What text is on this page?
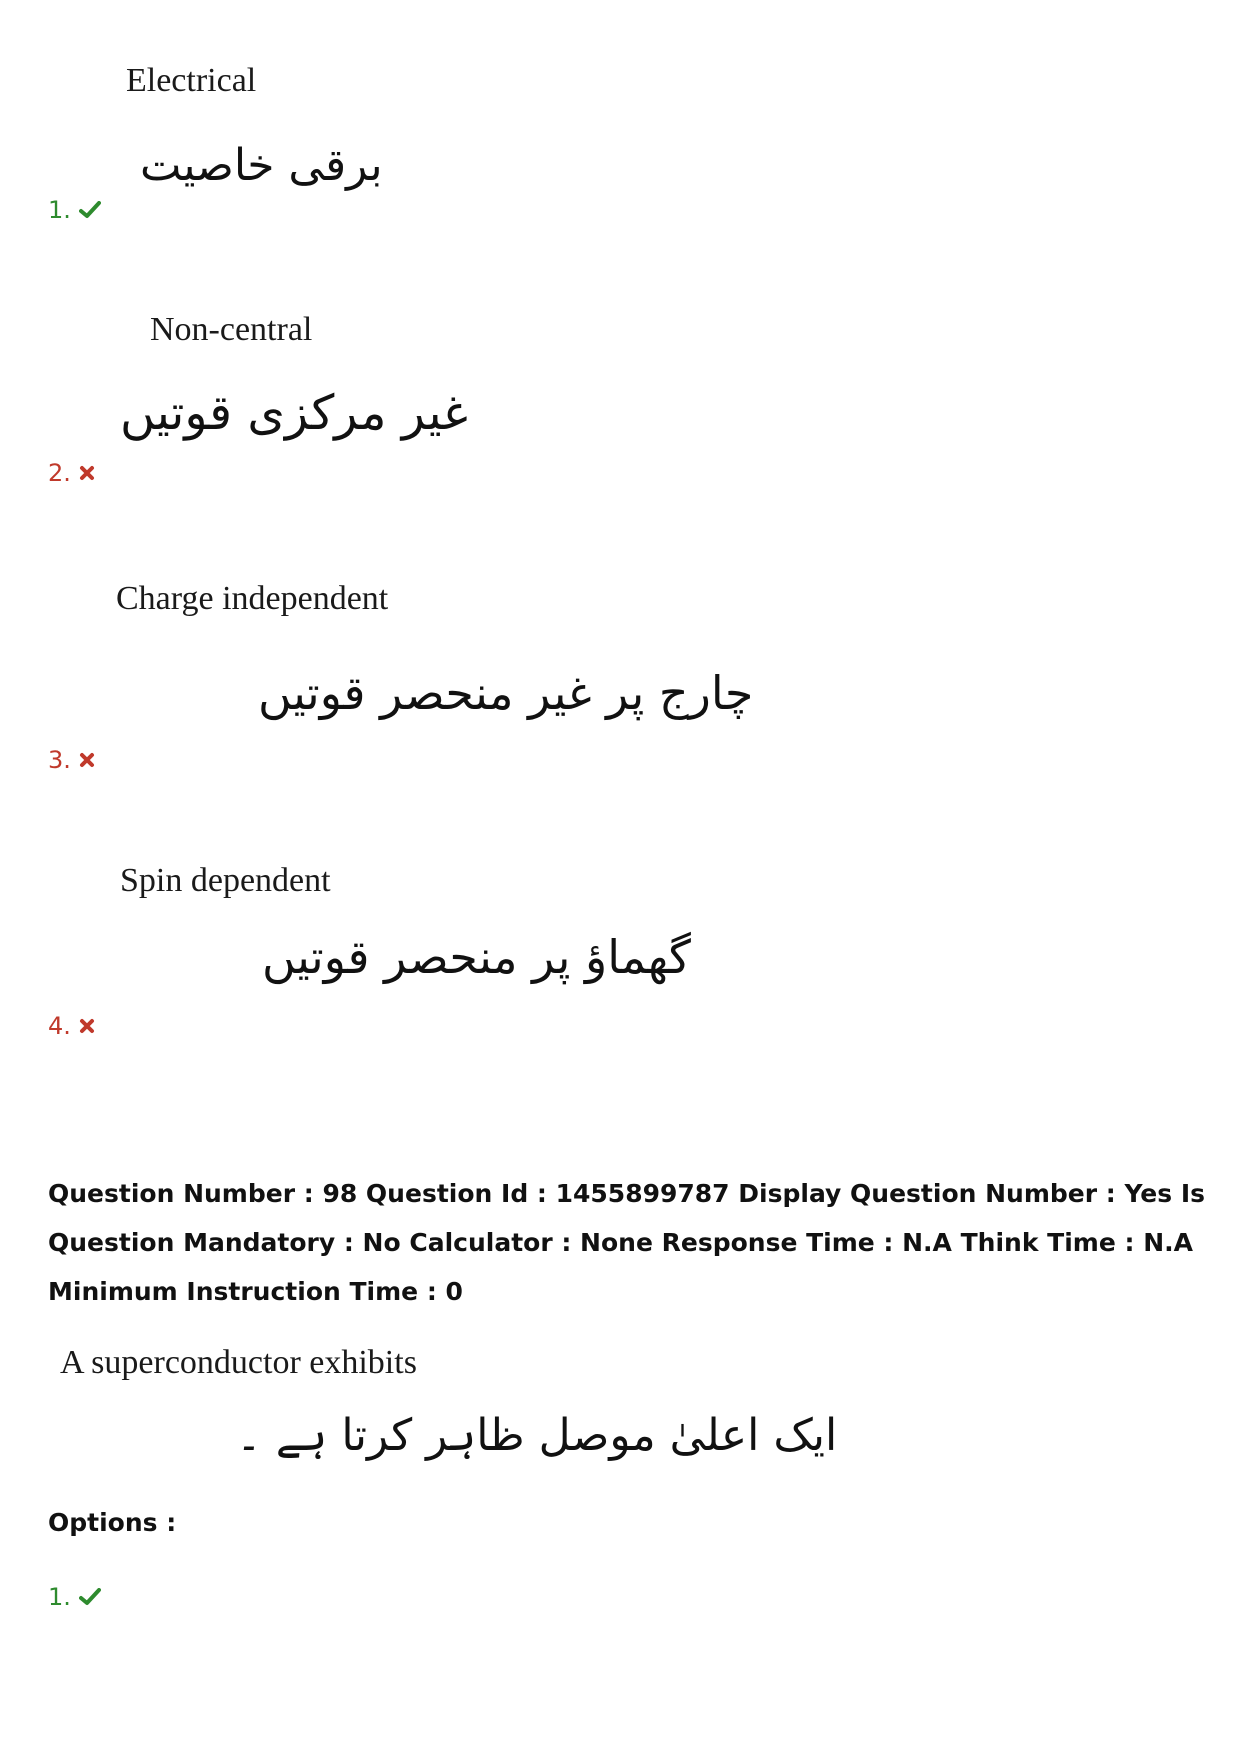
Electrical
برقی خاصیت
1.
Non-central
غیر مرکزی قوتیں
2.
Charge independent
چارج پر غیر منحصر قوتیں
3.
Spin dependent
گھماؤ پر منحصر قوتیں
4.
Question Number : 98 Question Id : 1455899787 Display Question Number : Yes Is Question Mandatory : No Calculator : None Response Time : N.A Think Time : N.A Minimum Instruction Time : 0
A superconductor exhibits
ایک اعلیٰ موصل ظاہر کرتا ہے ۔
Options :
1.
